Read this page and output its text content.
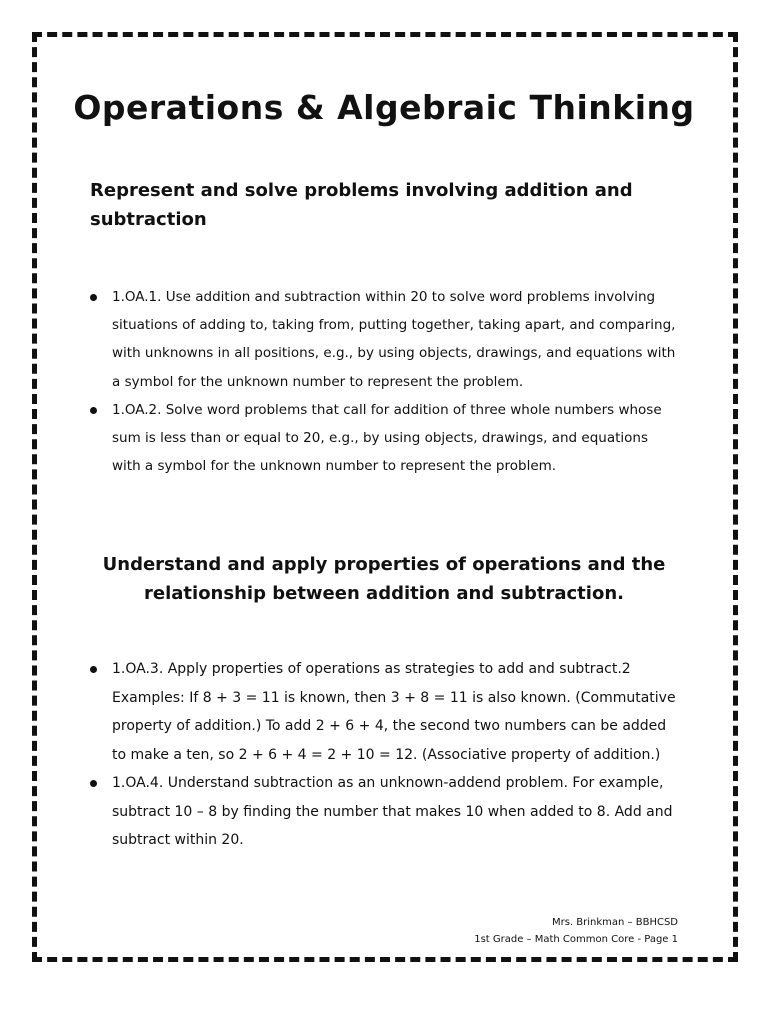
Operations & Algebraic Thinking
Represent and solve problems involving addition and subtraction
1.OA.1. Use addition and subtraction within 20 to solve word problems involving situations of adding to, taking from, putting together, taking apart, and comparing, with unknowns in all positions, e.g., by using objects, drawings, and equations with a symbol for the unknown number to represent the problem.
1.OA.2. Solve word problems that call for addition of three whole numbers whose sum is less than or equal to 20, e.g., by using objects, drawings, and equations with a symbol for the unknown number to represent the problem.
Understand and apply properties of operations and the relationship between addition and subtraction.
1.OA.3. Apply properties of operations as strategies to add and subtract.2 Examples: If 8 + 3 = 11 is known, then 3 + 8 = 11 is also known. (Commutative property of addition.) To add 2 + 6 + 4, the second two numbers can be added to make a ten, so 2 + 6 + 4 = 2 + 10 = 12. (Associative property of addition.)
1.OA.4. Understand subtraction as an unknown-addend problem. For example, subtract 10 – 8 by finding the number that makes 10 when added to 8. Add and subtract within 20.
Mrs. Brinkman – BBHCSD
1st Grade – Math Common Core - Page 1
